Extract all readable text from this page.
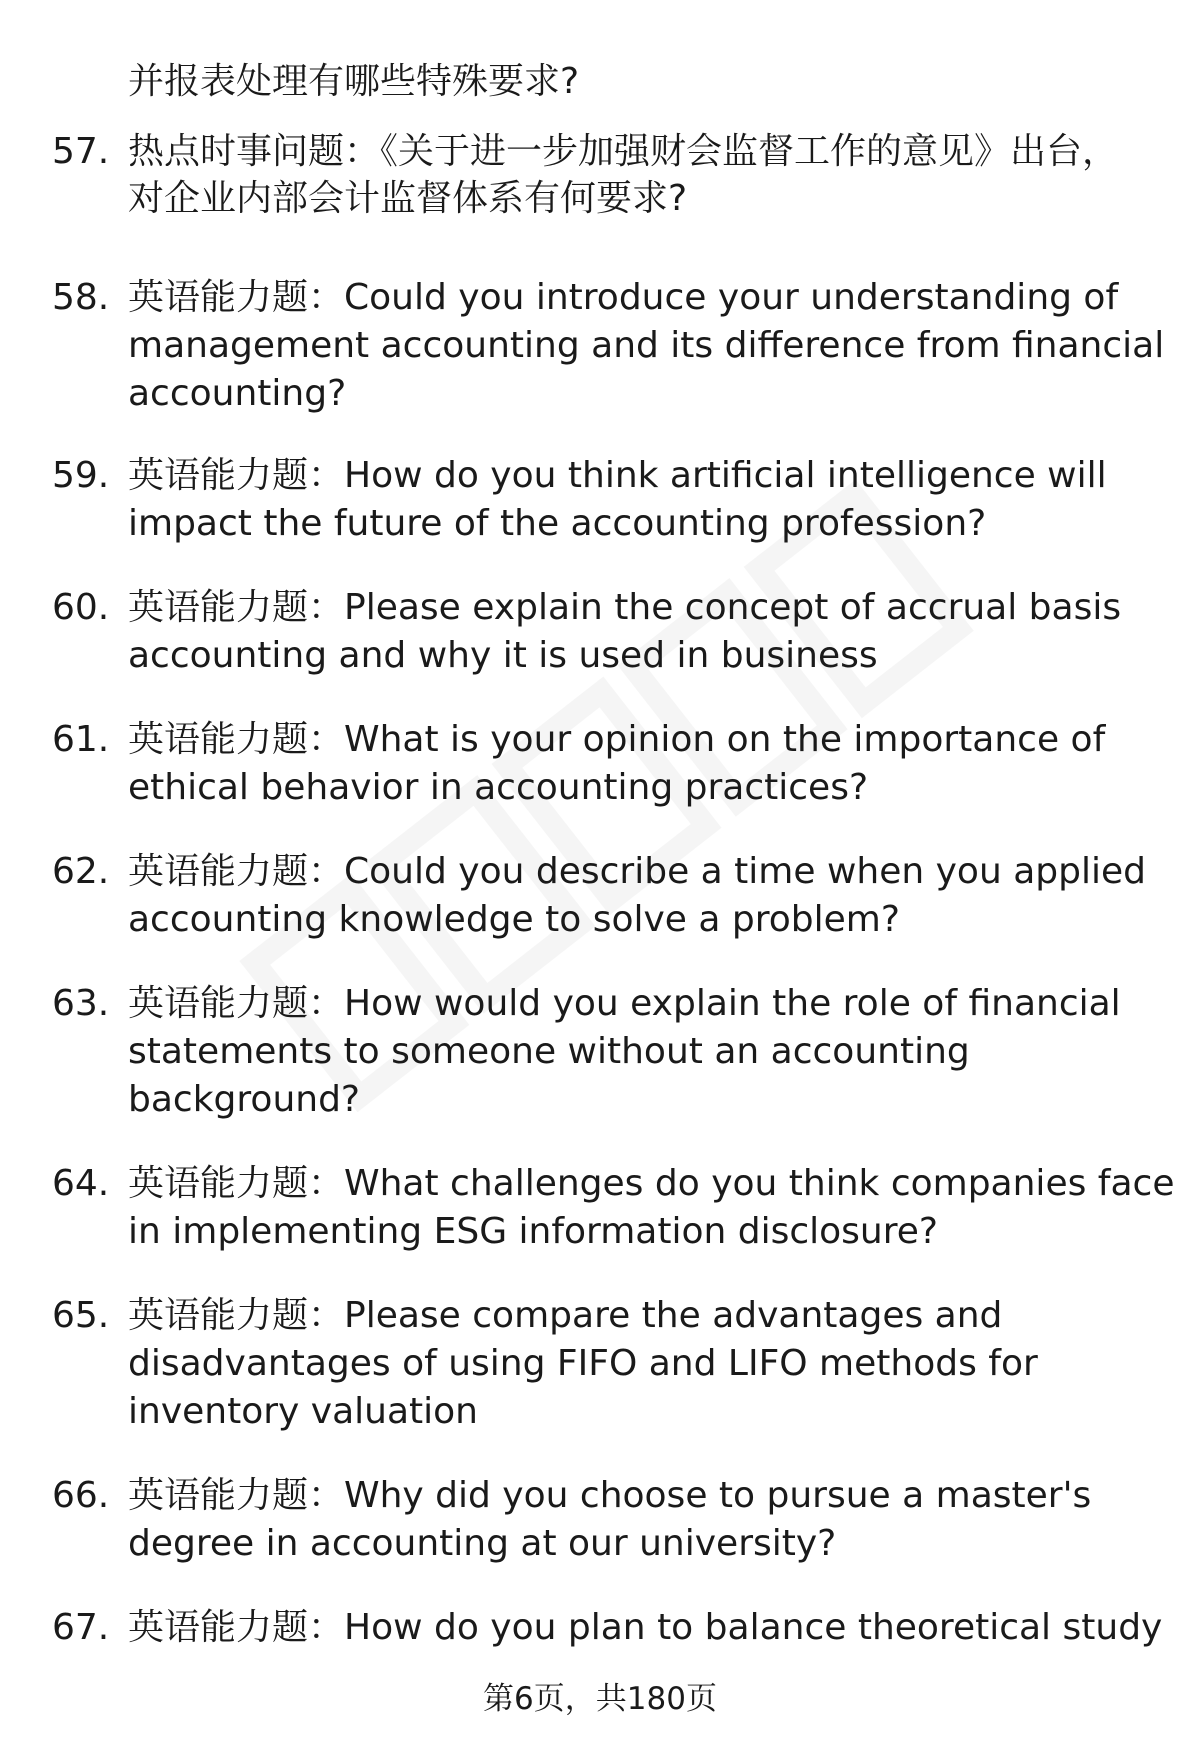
并报表处理有哪些特殊要求?
57. 热点时事问题：《关于进一步加强财会监督工作的意见》出台，
对企业内部会计监督体系有何要求?
58. 英语能力题：Could you introduce your understanding of
management accounting and its difference from financial
accounting?
59. 英语能力题：How do you think artificial intelligence will
impact the future of the accounting profession?
60. 英语能力题：Please explain the concept of accrual basis
accounting and why it is used in business
61. 英语能力题：What is your opinion on the importance of
ethical behavior in accounting practices?
62. 英语能力题：Could you describe a time when you applied
accounting knowledge to solve a problem?
63. 英语能力题：How would you explain the role of financial
statements to someone without an accounting
background?
64. 英语能力题：What challenges do you think companies face
in implementing ESG information disclosure?
65. 英语能力题：Please compare the advantages and
disadvantages of using FIFO and LIFO methods for
inventory valuation
66. 英语能力题：Why did you choose to pursue a master's
degree in accounting at our university?
67. 英语能力题：How do you plan to balance theoretical study
第6页，共180页
